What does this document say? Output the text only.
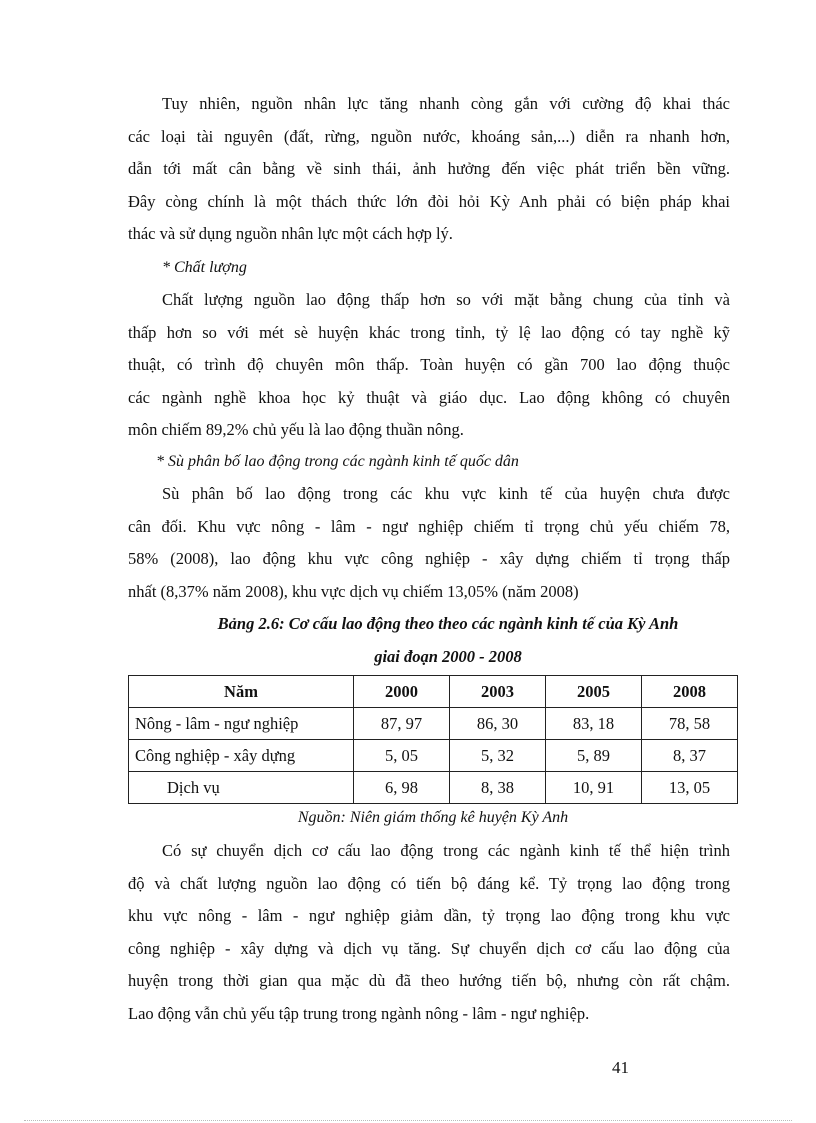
Tuy nhiên, nguồn nhân lực tăng nhanh còng gắn với cường độ khai thác
các loại tài nguyên (đất, rừng, nguồn nước, khoáng sản,...) diễn ra nhanh hơn,
dẫn tới mất cân bằng về sinh thái, ảnh hưởng đến việc phát triển bền vững.
Đây còng chính là một thách thức lớn đòi hỏi Kỳ Anh phải có biện pháp khai
thác và sử dụng nguồn nhân lực một cách hợp lý.

* Chất lượng

Chất lượng nguồn lao động thấp hơn so với mặt bằng chung của tỉnh và
thấp hơn so với mét sè huyện khác trong tỉnh, tỷ lệ lao động có tay nghề kỹ
thuật, có trình độ chuyên môn thấp. Toàn huyện có gần 700 lao động thuộc
các ngành nghề khoa học kỷ thuật và giáo dục. Lao động không có chuyên
môn chiếm 89,2% chủ yếu là lao động thuần nông.

* Sù phân bố lao động trong các ngành kinh tế quốc dân

Sù phân bố lao động trong các khu vực kinh tế của huyện chưa được
cân đối. Khu vực nông - lâm - ngư nghiệp chiếm tỉ trọng chủ yếu chiếm 78,
58% (2008), lao động khu vực công nghiệp - xây dựng chiếm tỉ trọng thấp
nhất (8,37% năm 2008), khu vực dịch vụ chiếm 13,05% (năm 2008)

Bảng 2.6: Cơ cấu lao động theo theo các ngành kinh tế của Kỳ Anh
giai đoạn 2000 - 2008
Năm	2000	2003	2005	2008
Nông - lâm - ngư nghiệp	87, 97	86, 30	83, 18	78, 58
Công nghiệp - xây dựng	5, 05	5, 32	5, 89	8, 37
Dịch vụ	6, 98	8, 38	10, 91	13, 05
Nguồn: Niên giám thống kê huyện Kỳ Anh

Có sự chuyển dịch cơ cấu lao động trong các ngành kinh tế thể hiện trình
độ và chất lượng nguồn lao động có tiến bộ đáng kể. Tỷ trọng lao động trong
khu vực nông - lâm - ngư nghiệp giảm dần, tỷ trọng lao động trong khu vực
công nghiệp - xây dựng và dịch vụ tăng. Sự chuyển dịch cơ cấu lao động của
huyện trong thời gian qua mặc dù đã theo hướng tiến bộ, nhưng còn rất chậm.
Lao động vẫn chủ yếu tập trung trong ngành nông - lâm - ngư nghiệp.

41
